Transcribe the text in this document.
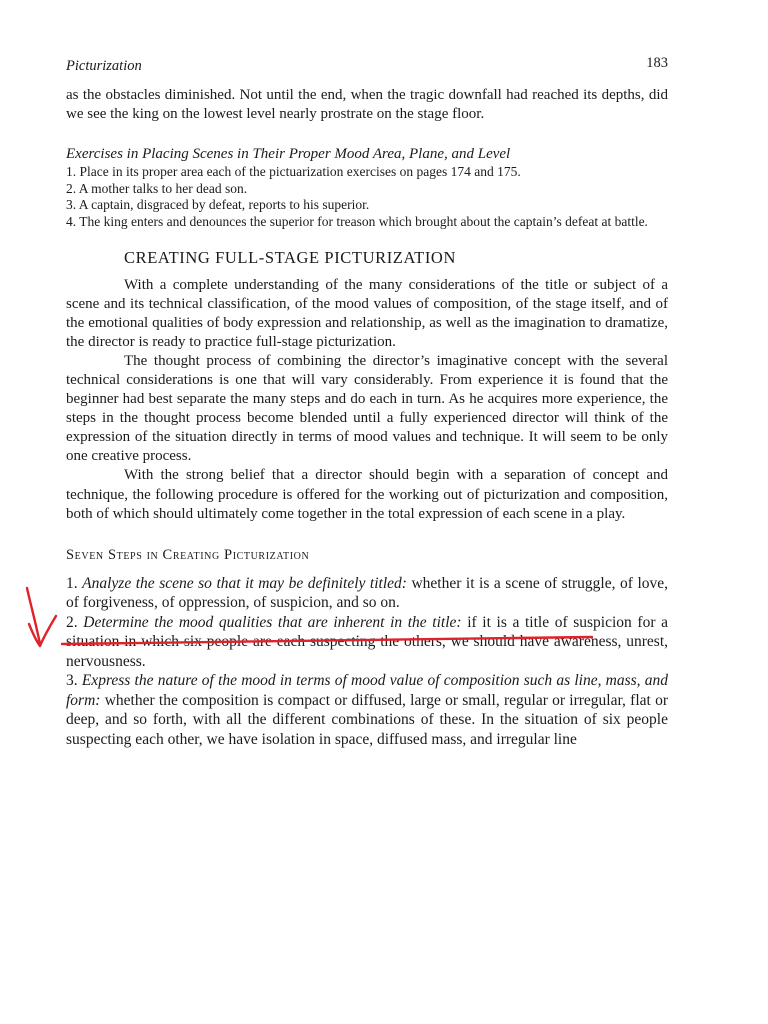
Picturization	183

as the obstacles diminished. Not until the end, when the tragic downfall had reached its depths, did we see the king on the lowest level nearly prostrate on the stage floor.

Exercises in Placing Scenes in Their Proper Mood Area, Plane, and Level
1. Place in its proper area each of the pictuarization exercises on pages 174 and 175.
2. A mother talks to her dead son.
3. A captain, disgraced by defeat, reports to his superior.
4. The king enters and denounces the superior for treason which brought about the captain’s defeat at battle.
CREATING FULL-STAGE PICTURIZATION

With a complete understanding of the many considerations of the title or subject of a scene and its technical classification, of the mood values of composition, of the stage itself, and of the emotional qualities of body expression and relationship, as well as the imagination to dramatize, the director is ready to practice full-stage picturization.

The thought process of combining the director’s imaginative concept with the several technical considerations is one that will vary considerably. From experience it is found that the beginner had best separate the many steps and do each in turn. As he acquires more experience, the steps in the thought process become blended until a fully experienced director will think of the expression of the situation directly in terms of mood values and technique. It will seem to be only one creative process.

With the strong belief that a director should begin with a separation of concept and technique, the following procedure is offered for the working out of picturization and composition, both of which should ultimately come together in the total expression of each scene in a play.

Seven Steps in Creating Picturization
1. Analyze the scene so that it may be definitely titled: whether it is a scene of struggle, of love, of forgiveness, of oppression, of suspicion, and so on.
2. Determine the mood qualities that are inherent in the title: if it is a title of suspicion for a situation in which six people are each suspecting the others, we should have awareness, unrest, nervousness.
3. Express the nature of the mood in terms of mood value of composition such as line, mass, and form: whether the composition is compact or diffused, large or small, regular or irregular, flat or deep, and so forth, with all the different combinations of these. In the situation of six people suspecting each other, we have isolation in space, diffused mass, and irregular line
